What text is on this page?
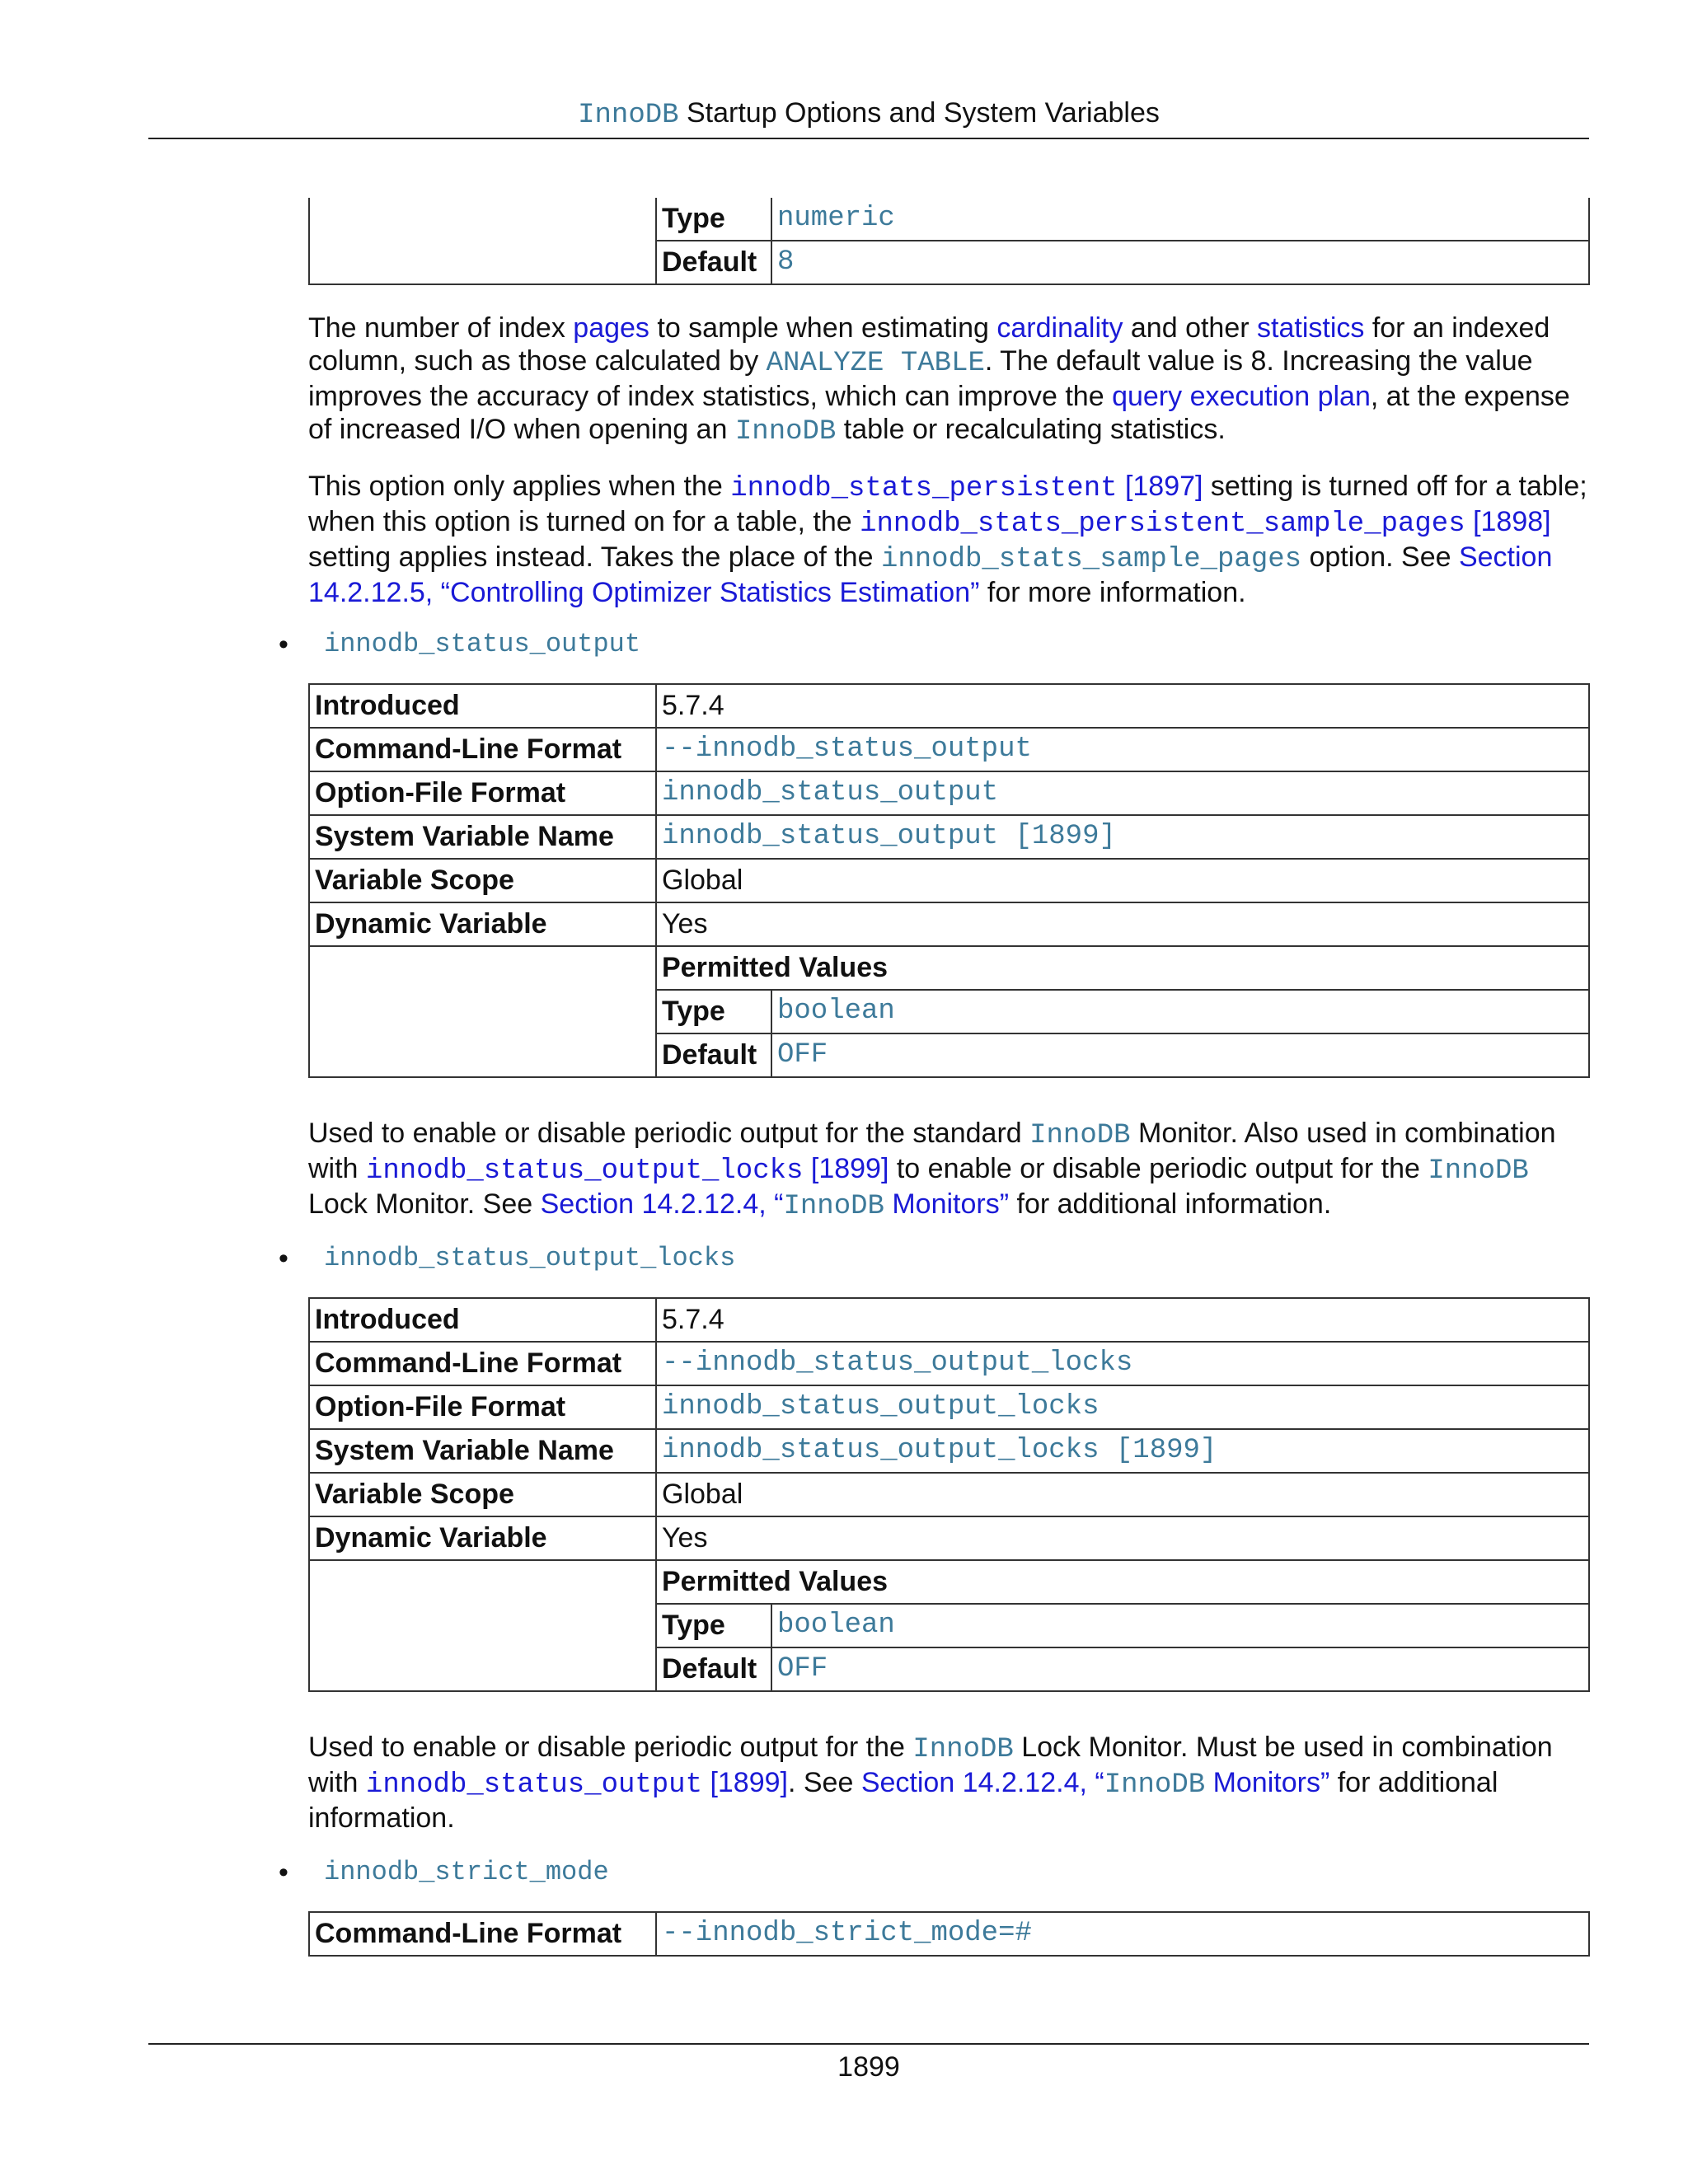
InnoDB Startup Options and System Variables
	Type	numeric
	Default	8

The number of index pages to sample when estimating cardinality and other statistics for an indexed column, such as those calculated by ANALYZE TABLE. The default value is 8. Increasing the value improves the accuracy of index statistics, which can improve the query execution plan, at the expense of increased I/O when opening an InnoDB table or recalculating statistics.

This option only applies when the innodb_stats_persistent [1897] setting is turned off for a table; when this option is turned on for a table, the innodb_stats_persistent_sample_pages [1898] setting applies instead. Takes the place of the innodb_stats_sample_pages option. See Section 14.2.12.5, “Controlling Optimizer Statistics Estimation” for more information.

• innodb_status_output
Introduced	5.7.4	
Command-Line Format	--innodb_status_output	
Option-File Format	innodb_status_output	
System Variable Name	innodb_status_output [1899]	
Variable Scope	Global	
Dynamic Variable	Yes	
	Permitted Values	
	Type	boolean
	Default	OFF

Used to enable or disable periodic output for the standard InnoDB Monitor. Also used in combination with innodb_status_output_locks [1899] to enable or disable periodic output for the InnoDB Lock Monitor. See Section 14.2.12.4, “InnoDB Monitors” for additional information.

• innodb_status_output_locks
Introduced	5.7.4	
Command-Line Format	--innodb_status_output_locks	
Option-File Format	innodb_status_output_locks	
System Variable Name	innodb_status_output_locks [1899]	
Variable Scope	Global	
Dynamic Variable	Yes	
	Permitted Values	
	Type	boolean
	Default	OFF

Used to enable or disable periodic output for the InnoDB Lock Monitor. Must be used in combination with innodb_status_output [1899]. See Section 14.2.12.4, “InnoDB Monitors” for additional information.

• innodb_strict_mode
Command-Line Format	--innodb_strict_mode=#
1899
